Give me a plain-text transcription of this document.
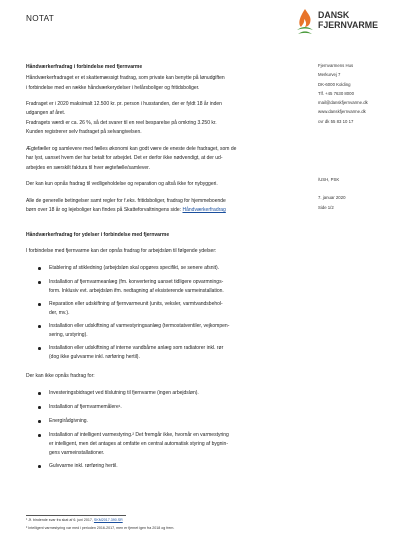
NOTAT	DANSK
FJERNVARME
Fjernvarmens Hus
Merkurvej 7
DK-6000 Kolding
Tlf. +45 7630 8000
mail@danskfjernvarme.dk
www.danskfjernvarme.dk
cvr dk 55 83 10 17
/USH, PSK
7. januar 2020
Side 1/2
Håndværkerfradrag i forbindelse med fjernvarme
Håndværkerfradraget er et skattemæssigt fradrag, som private kan benytte på lønudgiften
i forbindelse med en række håndværkerydelser i helårsboliger og fritidsboliger.
Fradraget er i 2020 maksimalt 12.500 kr. pr. person i husstanden, der er fyldt 18 år inden
udgangen af året.
Fradragets værdi er ca. 26 %, så det svarer til en reel besparelse på omkring 3.250 kr.
Kunden registrerer selv fradraget på selvangivelsen.
Ægtefæller og samlevere med fælles økonomi kan godt være de eneste dele fradraget, som de
har lyst, uanset hvem der har betalt for arbejdet. Det er derfor ikke nødvendigt, at der ud-
arbejdes en særskilt faktura til hver ægtefælle/samlever.
Der kan kun opnås fradrag til vedligeholdelse og reparation og altså ikke for nybyggeri.
Alle de generelle betingelser samt regler for f.eks. fritidsboliger, fradrag for hjemmeboende
børn over 18 år og lejeboliger kan findes på Skatteforvaltningens side: Håndværkerfradrag
Håndværkerfradrag for ydelser i forbindelse med fjernvarme
I forbindelse med fjernvarme kan der opnås fradrag for arbejdsløn til følgende ydelser:
Etablering af stikledning (arbejdsløn skal opgøres specifikt, se senere afsnit).
Installation af fjernvarmeanlæg (fm. konvertering uanset tidligere opvarmnings-
form. Inklusiv evt. arbejdsløn ifm. nedtagning af eksisterende varmeinstallation.
Reparation eller udskiftning af fjernvarmeunit (units, veksler, varmtvandsbehol-
der, mv.).
Installation eller udskiftning af varmestyringsanlæg (termostatventiler, vejkompen-
sering, urstyring).
Installation eller udskiftning af interne vandbårne anlæg som radiatorer inkl. rør
(dog ikke gulvvarme inkl. rørføring hertil).
Der kan ikke opnås fradrag for:
Investeringsbidraget ved tilslutning til fjernvarme (ingen arbejdsløn).
Installation af fjernvarmemålere¹.
Energirådgivning.
Installation af intelligent varmestyring.² Det fremgår ikke, hvornår en varmestyring
er intelligent, men det antages at omfatte en central automatisk styring af bygnin-
gens varmeinstallationer.
Gulvvarme inkl. rørføring hertil.
¹ Jf. bindende svar fra skat af 6. juni 2017, SKM2017.390.SR
² Intelligent varmestyring var med i perioden 2016-2017, men er fjernet igen fra 2018 og frem.
